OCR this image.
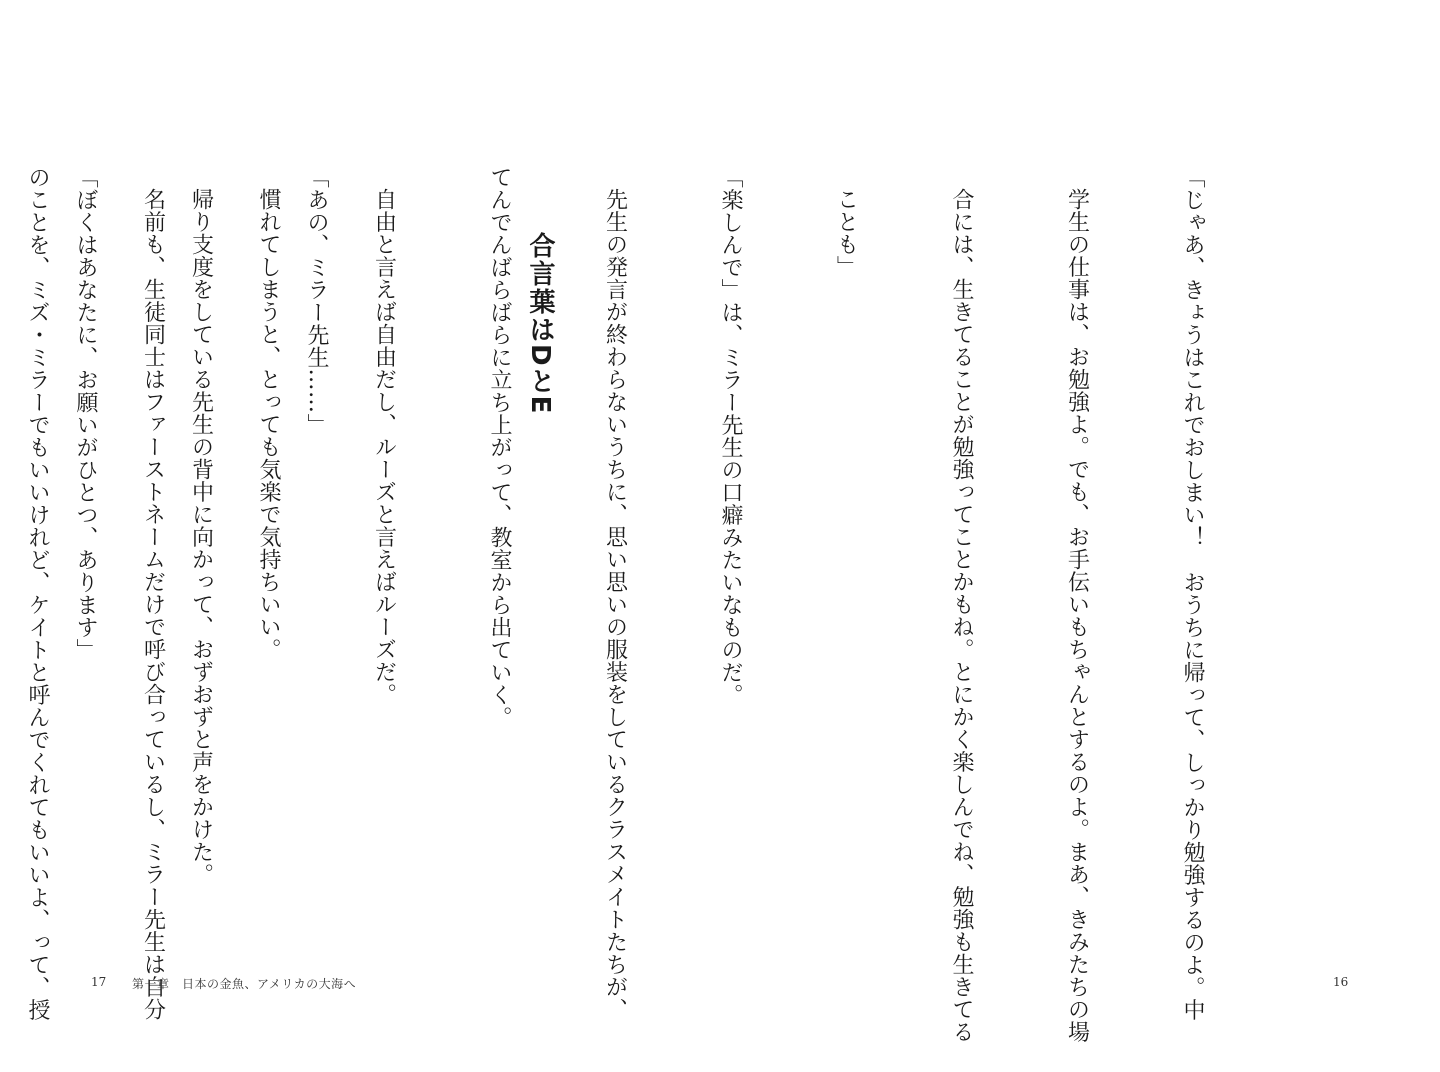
「じゃあ、きょうはこれでおしまい！　おうちに帰って、しっかり勉強するのよ。中

学生の仕事は、お勉強よ。でも、お手伝いもちゃんとするのよ。まあ、きみたちの場

合には、生きてることが勉強ってことかもね。とにかく楽しんでね、勉強も生きてる

ことも」

「楽しんで」は、ミラー先生の口癖みたいなものだ。

先生の発言が終わらないうちに、思い思いの服装をしているクラスメイトたちが、

てんでんばらばらに立ち上がって、教室から出ていく。

自由と言えば自由だし、ルーズと言えばルーズだ。

慣れてしまうと、とっても気楽で気持ちいい。

名前も、生徒同士はファーストネームだけで呼び合っているし、ミラー先生は自分

のことを、ミズ・ミラーでもいいけれど、ケイトと呼んでくれてもいいよ、って、授

	合言葉はDとE

「あの、ミラー先生……」

帰り支度をしている先生の背中に向かって、おずおずと声をかけた。

「ぼくはあなたに、お願いがひとつ、あります」

17 第一章　日本の金魚、アメリカの大海へ	16
